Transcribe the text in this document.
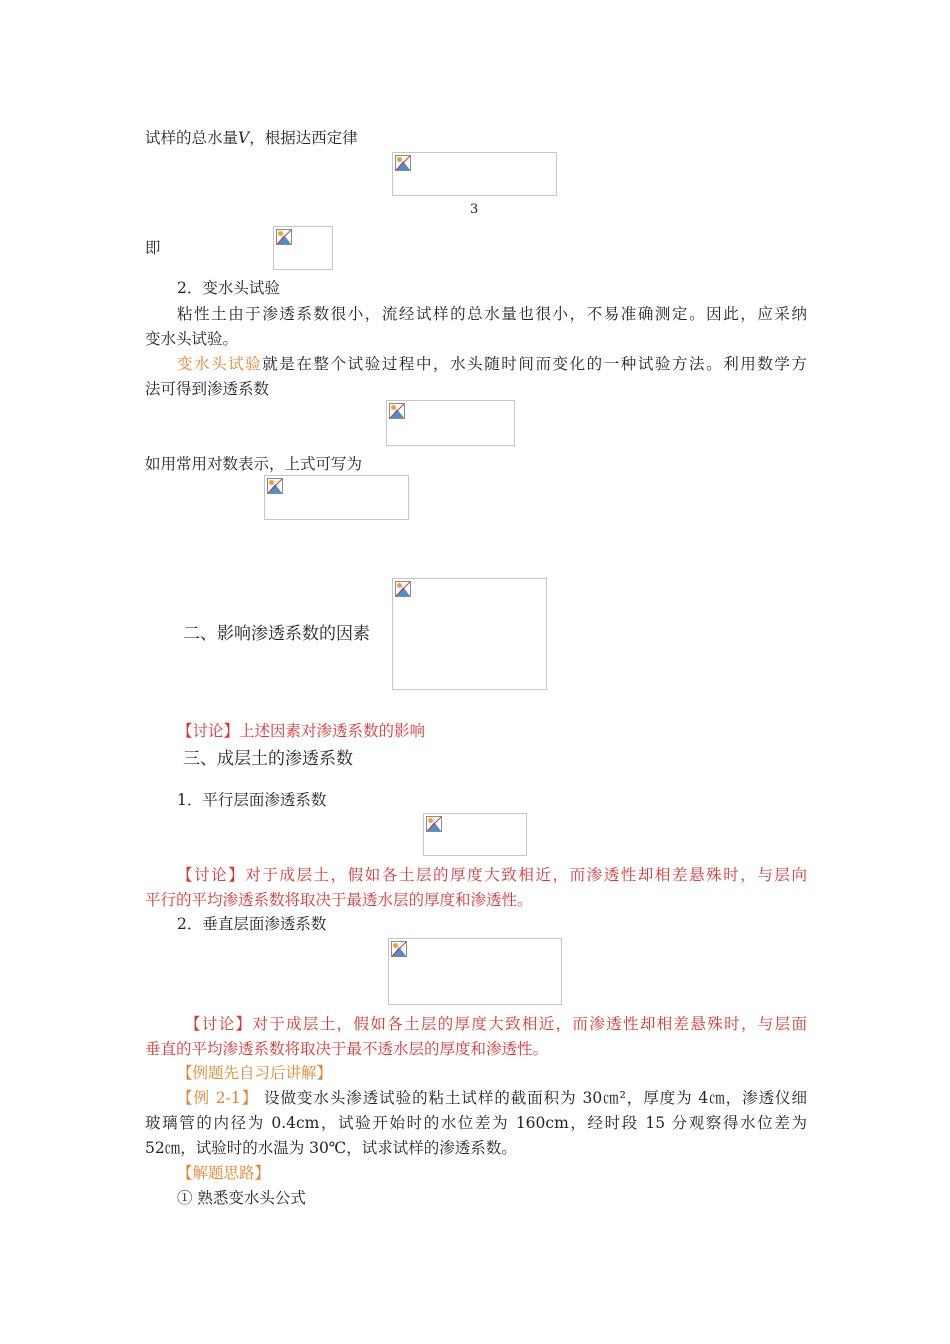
试样的总水量V，根据达西定律
3
即
2．变水头试验
粘性土由于渗透系数很小，流经试样的总水量也很小，不易准确测定。因此，应采纳
变水头试验。
变水头试验就是在整个试验过程中，水头随时间而变化的一种试验方法。利用数学方
法可得到渗透系数
如用常用对数表示，上式可写为
二、影响渗透系数的因素
【讨论】上述因素对渗透系数的影响
三、成层土的渗透系数
1．平行层面渗透系数
【讨论】对于成层土，假如各土层的厚度大致相近，而渗透性却相差悬殊时，与层向
平行的平均渗透系数将取决于最透水层的厚度和渗透性。
2．垂直层面渗透系数
【讨论】对于成层土，假如各土层的厚度大致相近，而渗透性却相差悬殊时，与层面
垂直的平均渗透系数将取决于最不透水层的厚度和渗透性。
【例题先自习后讲解】
【例 2-1】 设做变水头渗透试验的粘土试样的截面积为 30㎝²，厚度为 4㎝，渗透仪细
玻璃管的内径为 0.4cm，试验开始时的水位差为 160cm，经时段 15 分观察得水位差为
52㎝，试验时的水温为 30℃，试求试样的渗透系数。
【解题思路】
① 熟悉变水头公式
